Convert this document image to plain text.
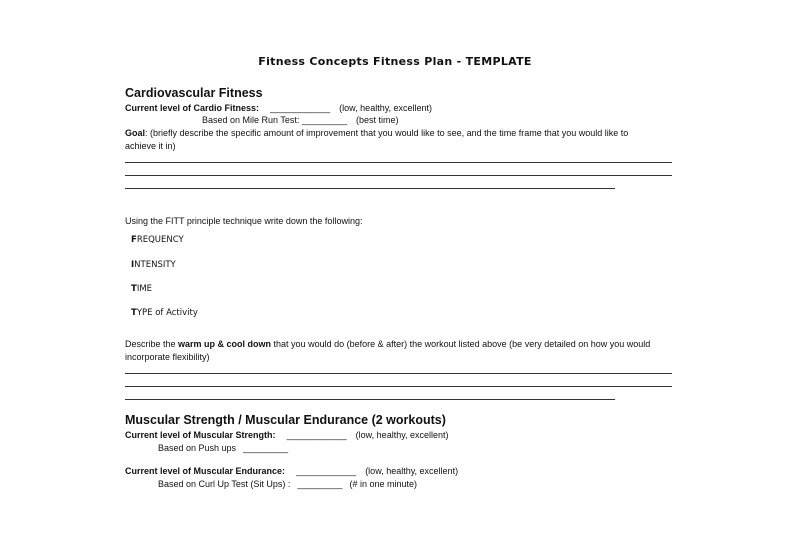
Fitness Concepts Fitness Plan - TEMPLATE
Cardiovascular Fitness
Current level of Cardio Fitness: ____________ (low, healthy, excellent)
Based on Mile Run Test: _________ (best time)
Goal: (briefly describe the specific amount of improvement that you would like to see, and the time frame that you would like to
achieve it in)
Using the FITT principle technique write down the following:
FREQUENCY
INTENSITY
TIME
TYPE of Activity
Describe the warm up & cool down that you would do (before & after) the workout listed above (be very detailed on how you would
incorporate flexibility)
Muscular Strength / Muscular Endurance (2 workouts)
Current level of Muscular Strength: ____________ (low, healthy, excellent)
Based on Push ups _________
Current level of Muscular Endurance: ____________ (low, healthy, excellent)
Based on Curl Up Test (Sit Ups) : _________ (# in one minute)
